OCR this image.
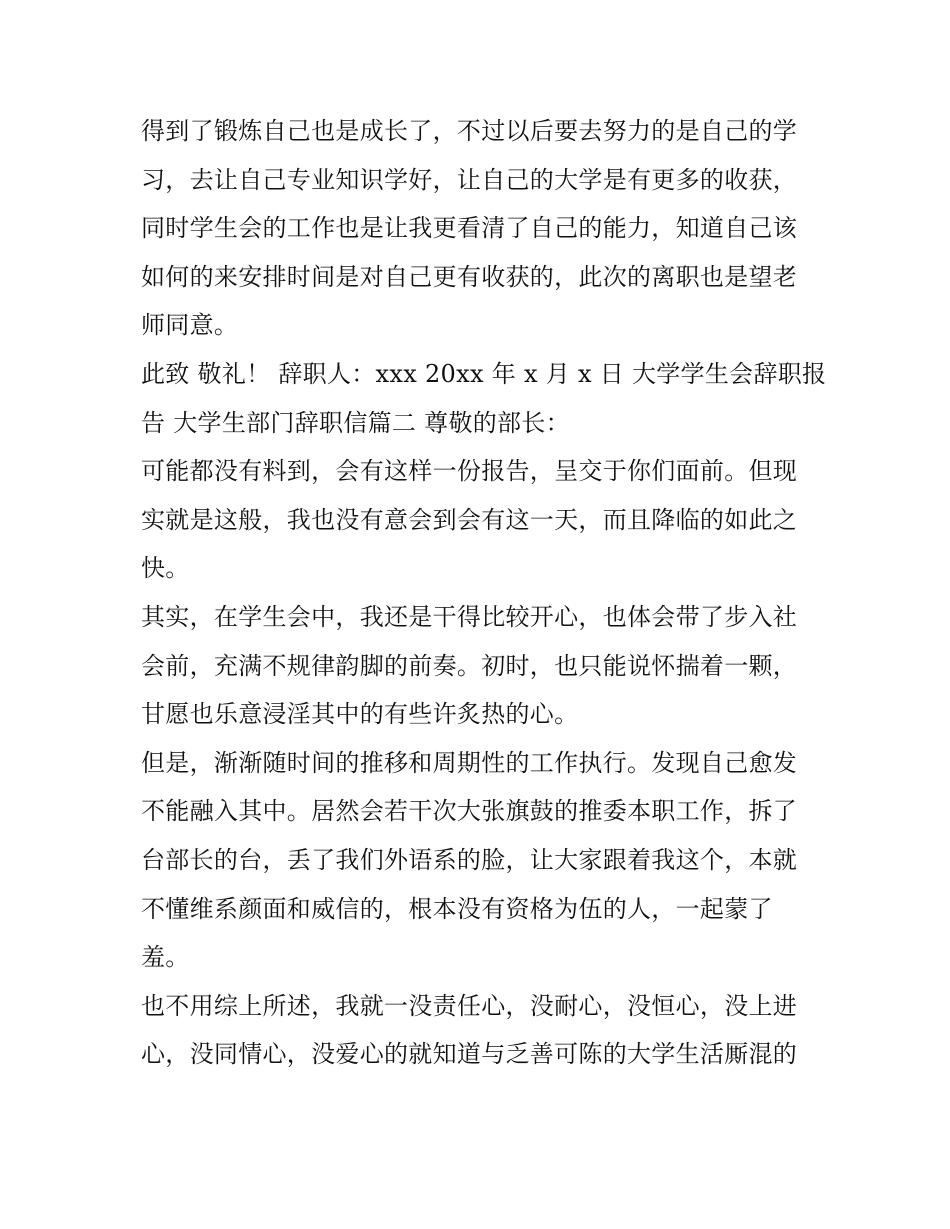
得到了锻炼自己也是成长了，不过以后要去努力的是自己的学
习，去让自己专业知识学好，让自己的大学是有更多的收获，
同时学生会的工作也是让我更看清了自己的能力，知道自己该
如何的来安排时间是对自己更有收获的，此次的离职也是望老
师同意。
此致 敬礼！ 辞职人：xxx 20xx 年 x 月 x 日 大学学生会辞职报
告 大学生部门辞职信篇二 尊敬的部长：
可能都没有料到，会有这样一份报告，呈交于你们面前。但现
实就是这般，我也没有意会到会有这一天，而且降临的如此之
快。
其实，在学生会中，我还是干得比较开心，也体会带了步入社
会前，充满不规律韵脚的前奏。初时，也只能说怀揣着一颗，
甘愿也乐意浸淫其中的有些许炙热的心。
但是，渐渐随时间的推移和周期性的工作执行。发现自己愈发
不能融入其中。居然会若干次大张旗鼓的推委本职工作，拆了
台部长的台，丢了我们外语系的脸，让大家跟着我这个，本就
不懂维系颜面和威信的，根本没有资格为伍的人，一起蒙了
羞。
也不用综上所述，我就一没责任心，没耐心，没恒心，没上进
心，没同情心，没爱心的就知道与乏善可陈的大学生活厮混的
